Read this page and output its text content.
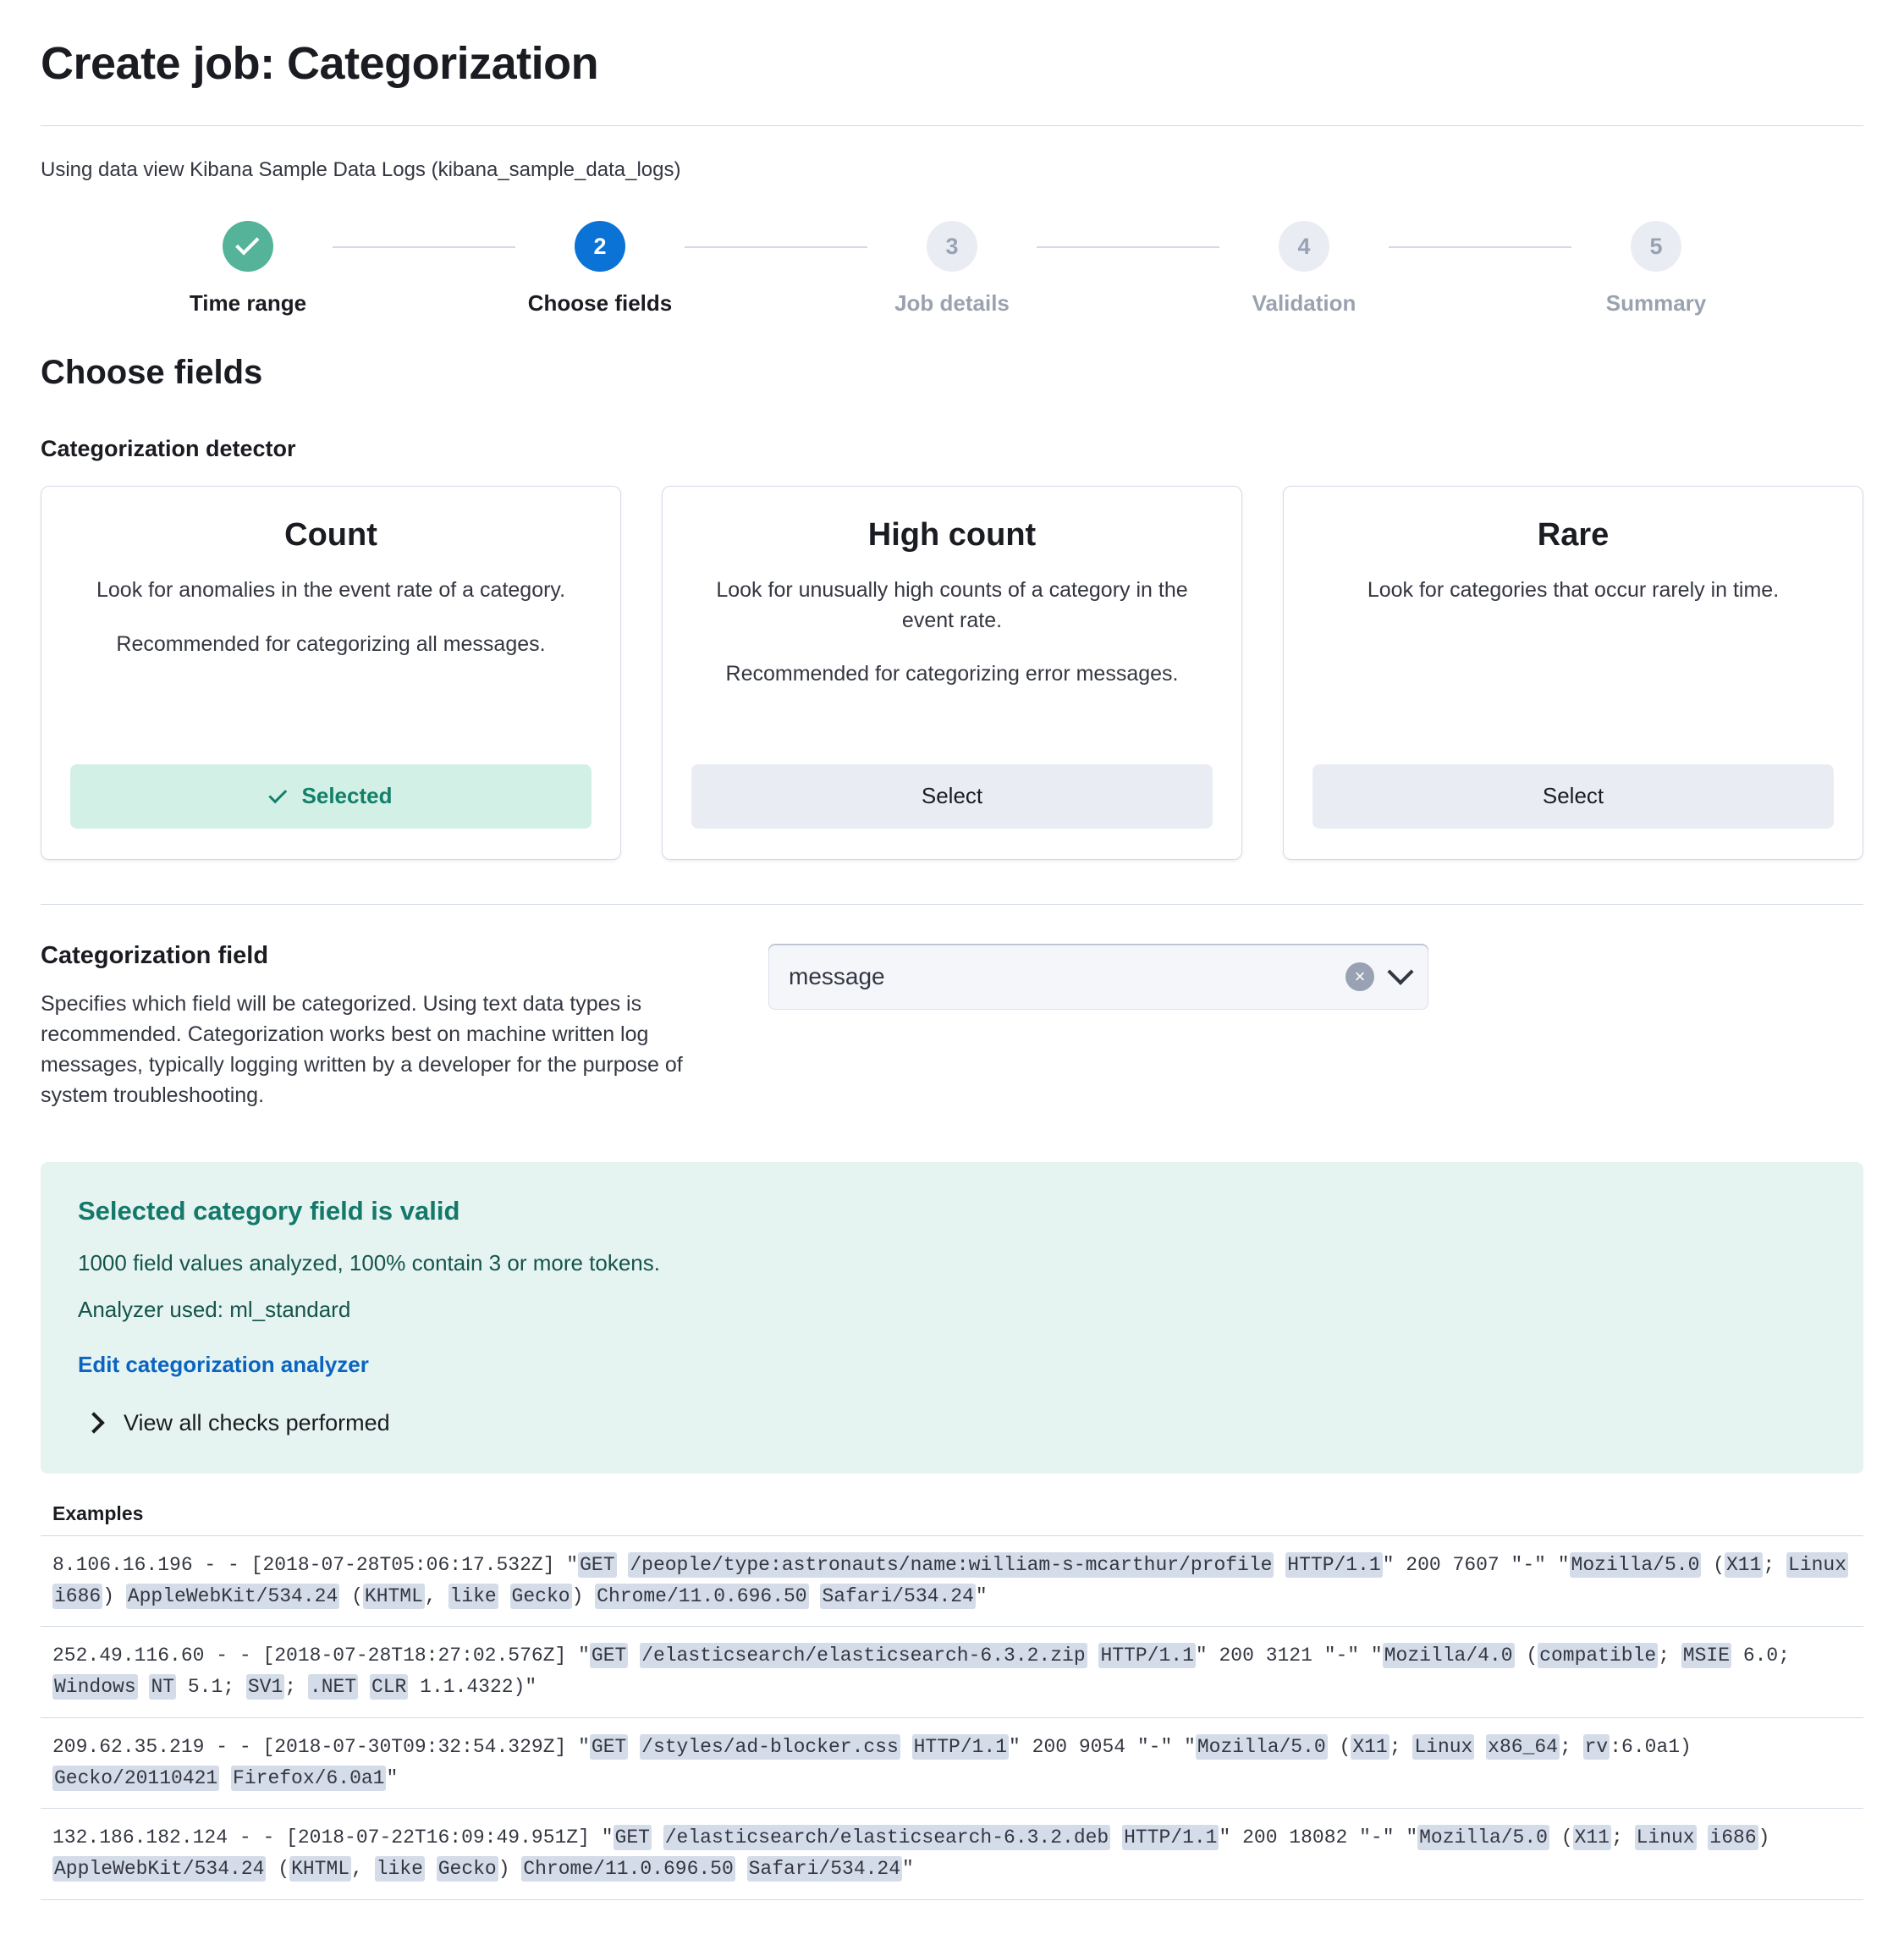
Create job: Categorization

Using data view Kibana Sample Data Logs (kibana_sample_data_logs)

Time range
2
Choose fields
3
Job details
4
Validation
5
Summary
Choose fields
Categorization detector
Count
Look for anomalies in the event rate of a category.
Recommended for categorizing all messages.
Selected
High count
Look for unusually high counts of a category in the event rate.
Recommended for categorizing error messages.
Select
Rare
Look for categories that occur rarely in time.
Select
Categorization field

Specifies which field will be categorized. Using text data types is recommended. Categorization works best on machine written log messages, typically logging written by a developer for the purpose of system troubleshooting.

message	×
Selected category field is valid
1000 field values analyzed, 100% contain 3 or more tokens.
Analyzer used: ml_standard
Edit categorization analyzer
View all checks performed
Examples
8.106.16.196 - - [2018-07-28T05:06:17.532Z] "GET /people/type:astronauts/name:william-s-mcarthur/profile HTTP/1.1" 200 7607 "-" "Mozilla/5.0 (X11; Linux i686) AppleWebKit/534.24 (KHTML, like Gecko) Chrome/11.0.696.50 Safari/534.24"
252.49.116.60 - - [2018-07-28T18:27:02.576Z] "GET /elasticsearch/elasticsearch-6.3.2.zip HTTP/1.1" 200 3121 "-" "Mozilla/4.0 (compatible; MSIE 6.0; Windows NT 5.1; SV1; .NET CLR 1.1.4322)"
209.62.35.219 - - [2018-07-30T09:32:54.329Z] "GET /styles/ad-blocker.css HTTP/1.1" 200 9054 "-" "Mozilla/5.0 (X11; Linux x86_64; rv:6.0a1) Gecko/20110421 Firefox/6.0a1"
132.186.182.124 - - [2018-07-22T16:09:49.951Z] "GET /elasticsearch/elasticsearch-6.3.2.deb HTTP/1.1" 200 18082 "-" "Mozilla/5.0 (X11; Linux i686) AppleWebKit/534.24 (KHTML, like Gecko) Chrome/11.0.696.50 Safari/534.24"
